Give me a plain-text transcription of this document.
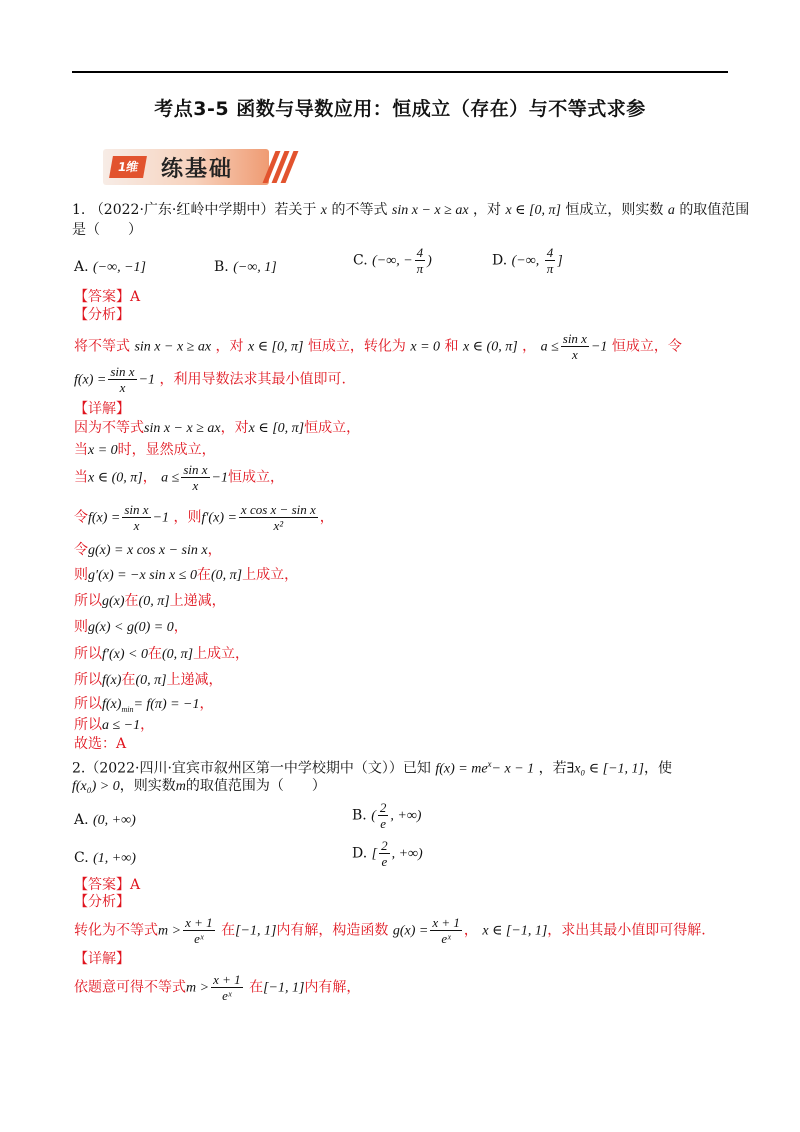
考点3-5 函数与导数应用：恒成立（存在）与不等式求参
1维 练基础
1. （2022·广东·红岭中学期中）若关于 x 的不等式 sin x − x ≥ ax ，对 x ∈ [0, π] 恒成立，则实数 a 的取值范围
是（　　）
A. (−∞, −1]	B. (−∞, 1]	C. (−∞, − $\frac{4}{\pi}$ )	D. (−∞, $\frac{4}{\pi}$ ]
【答案】A
【分析】
将不等式 sin x − x ≥ ax ，对 x ∈ [0, π] 恒成立，转化为 x = 0 和 x ∈ (0, π] ， $a \le \frac{\text{sin x}}{x} -1$ 恒成立，令
$f(x) = \frac{\text{sin x}}{x} -1$ ，利用导数法求其最小值即可.
【详解】
因为不等式sin x − x ≥ ax，对x ∈ [0, π]恒成立，
当x = 0时，显然成立，
当x ∈ (0, π]， $a \le \frac{\text{sin x}}{x} -1$恒成立，
令$f(x) = \frac{\text{sin x}}{x} -1$ ，则$f'(x) = \frac{\text{x cos x − sin x}}{\text{x²}}$ ，
令g(x) = x cos x − sin x，
则g′(x) = −x sin x ≤ 0在(0, π]上成立，
所以g(x)在(0, π]上递减，
则g(x) < g(0) = 0，
所以f′(x) < 0在(0, π]上成立，
所以f(x)在(0, π]上递减，
所以$f(x)_{min}= f(\pi) = -1$，
所以a ≤ −1，
故选：A
2.（2022·四川·宜宾市叙州区第一中学校期中（文））已知 $f(x) = me^x- x - 1$ ，若∃x₀ ∈ [−1, 1]，使
f(x₀) > 0，则实数m的取值范围为（　　）
A. (0, +∞)	B. ( $\frac{2}{e}$ , +∞)
C. (1, +∞)	D. [ $\frac{2}{e}$ , +∞)
【答案】A
【分析】
转化为不等式$m > \frac{x + 1}{\text{eˣ}}$ 在[−1, 1]内有解，构造函数 $g(x) = \frac{x + 1}{\text{eˣ}}$ ， x ∈ [−1, 1]，求出其最小值即可得解.
【详解】
依题意可得不等式$m > \frac{x + 1}{\text{eˣ}}$ 在[−1, 1]内有解，
